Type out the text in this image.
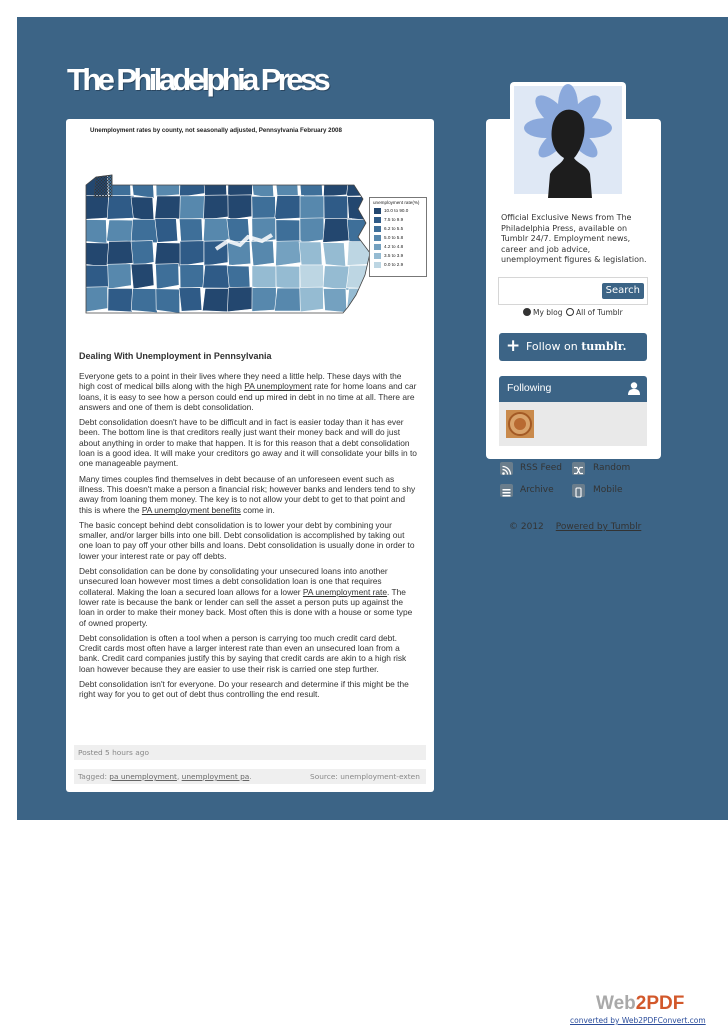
The Philadelphia Press
Unemployment rates by county, not seasonally adjusted, Pennsylvania February 2008
unemployment rate(%)
10.0 to 90.0
7.5 to 9.9
6.2 to 5.5
5.0 to 5.8
4.2 to 4.8
3.5 to 3.9
0.0 to 2.9
Dealing With Unemployment in Pennsylvania

Everyone gets to a point in their lives where they need a little help. These days with the high cost of medical bills along with the high PA unemployment rate for home loans and car loans, it is easy to see how a person could end up mired in debt in no time at all. There are answers and one of them is debt consolidation.

Debt consolidation doesn't have to be difficult and in fact is easier today than it has ever been. The bottom line is that creditors really just want their money back and will do just about anything in order to make that happen. It is for this reason that a debt consolidation loan is a good idea. It will make your creditors go away and it will consolidate your bills in to one manageable payment.

Many times couples find themselves in debt because of an unforeseen event such as illness. This doesn't make a person a financial risk; however banks and lenders tend to shy away from loaning them money. The key is to not allow your debt to get to that point and this is where the PA unemployment benefits come in.

The basic concept behind debt consolidation is to lower your debt by combining your smaller, and/or larger bills into one bill. Debt consolidation is accomplished by taking out one loan to pay off your other bills and loans. Debt consolidation is usually done in order to lower your interest rate or pay off debts.

Debt consolidation can be done by consolidating your unsecured loans into another unsecured loan however most times a debt consolidation loan is one that requires collateral. Making the loan a secured loan allows for a lower PA unemployment rate. The lower rate is because the bank or lender can sell the asset a person puts up against the loan in order to make their money back. Most often this is done with a house or some type of owned property.

Debt consolidation is often a tool when a person is carrying too much credit card debt. Credit cards most often have a larger interest rate than even an unsecured loan from a bank. Credit card companies justify this by saying that credit cards are akin to a high risk loan however because they are easier to use their risk is carried one step further.

Debt consolidation isn't for everyone. Do your research and determine if this might be the right way for you to get out of debt thus controlling the end result.

Posted 5 hours ago
Tagged: pa unemployment, unemployment pa.	Source: unemployment-exten
Official Exclusive News from The Philadelphia Press, available on Tumblr 24/7. Employment news, career and job advice, unemployment figures & legislation.
Search
My blog	All of Tumblr
+ Follow on tumblr.
Following
RSS Feed	Random
Archive	Mobile
© 2012 Powered by Tumblr
Web2PDF
converted by Web2PDFConvert.com
